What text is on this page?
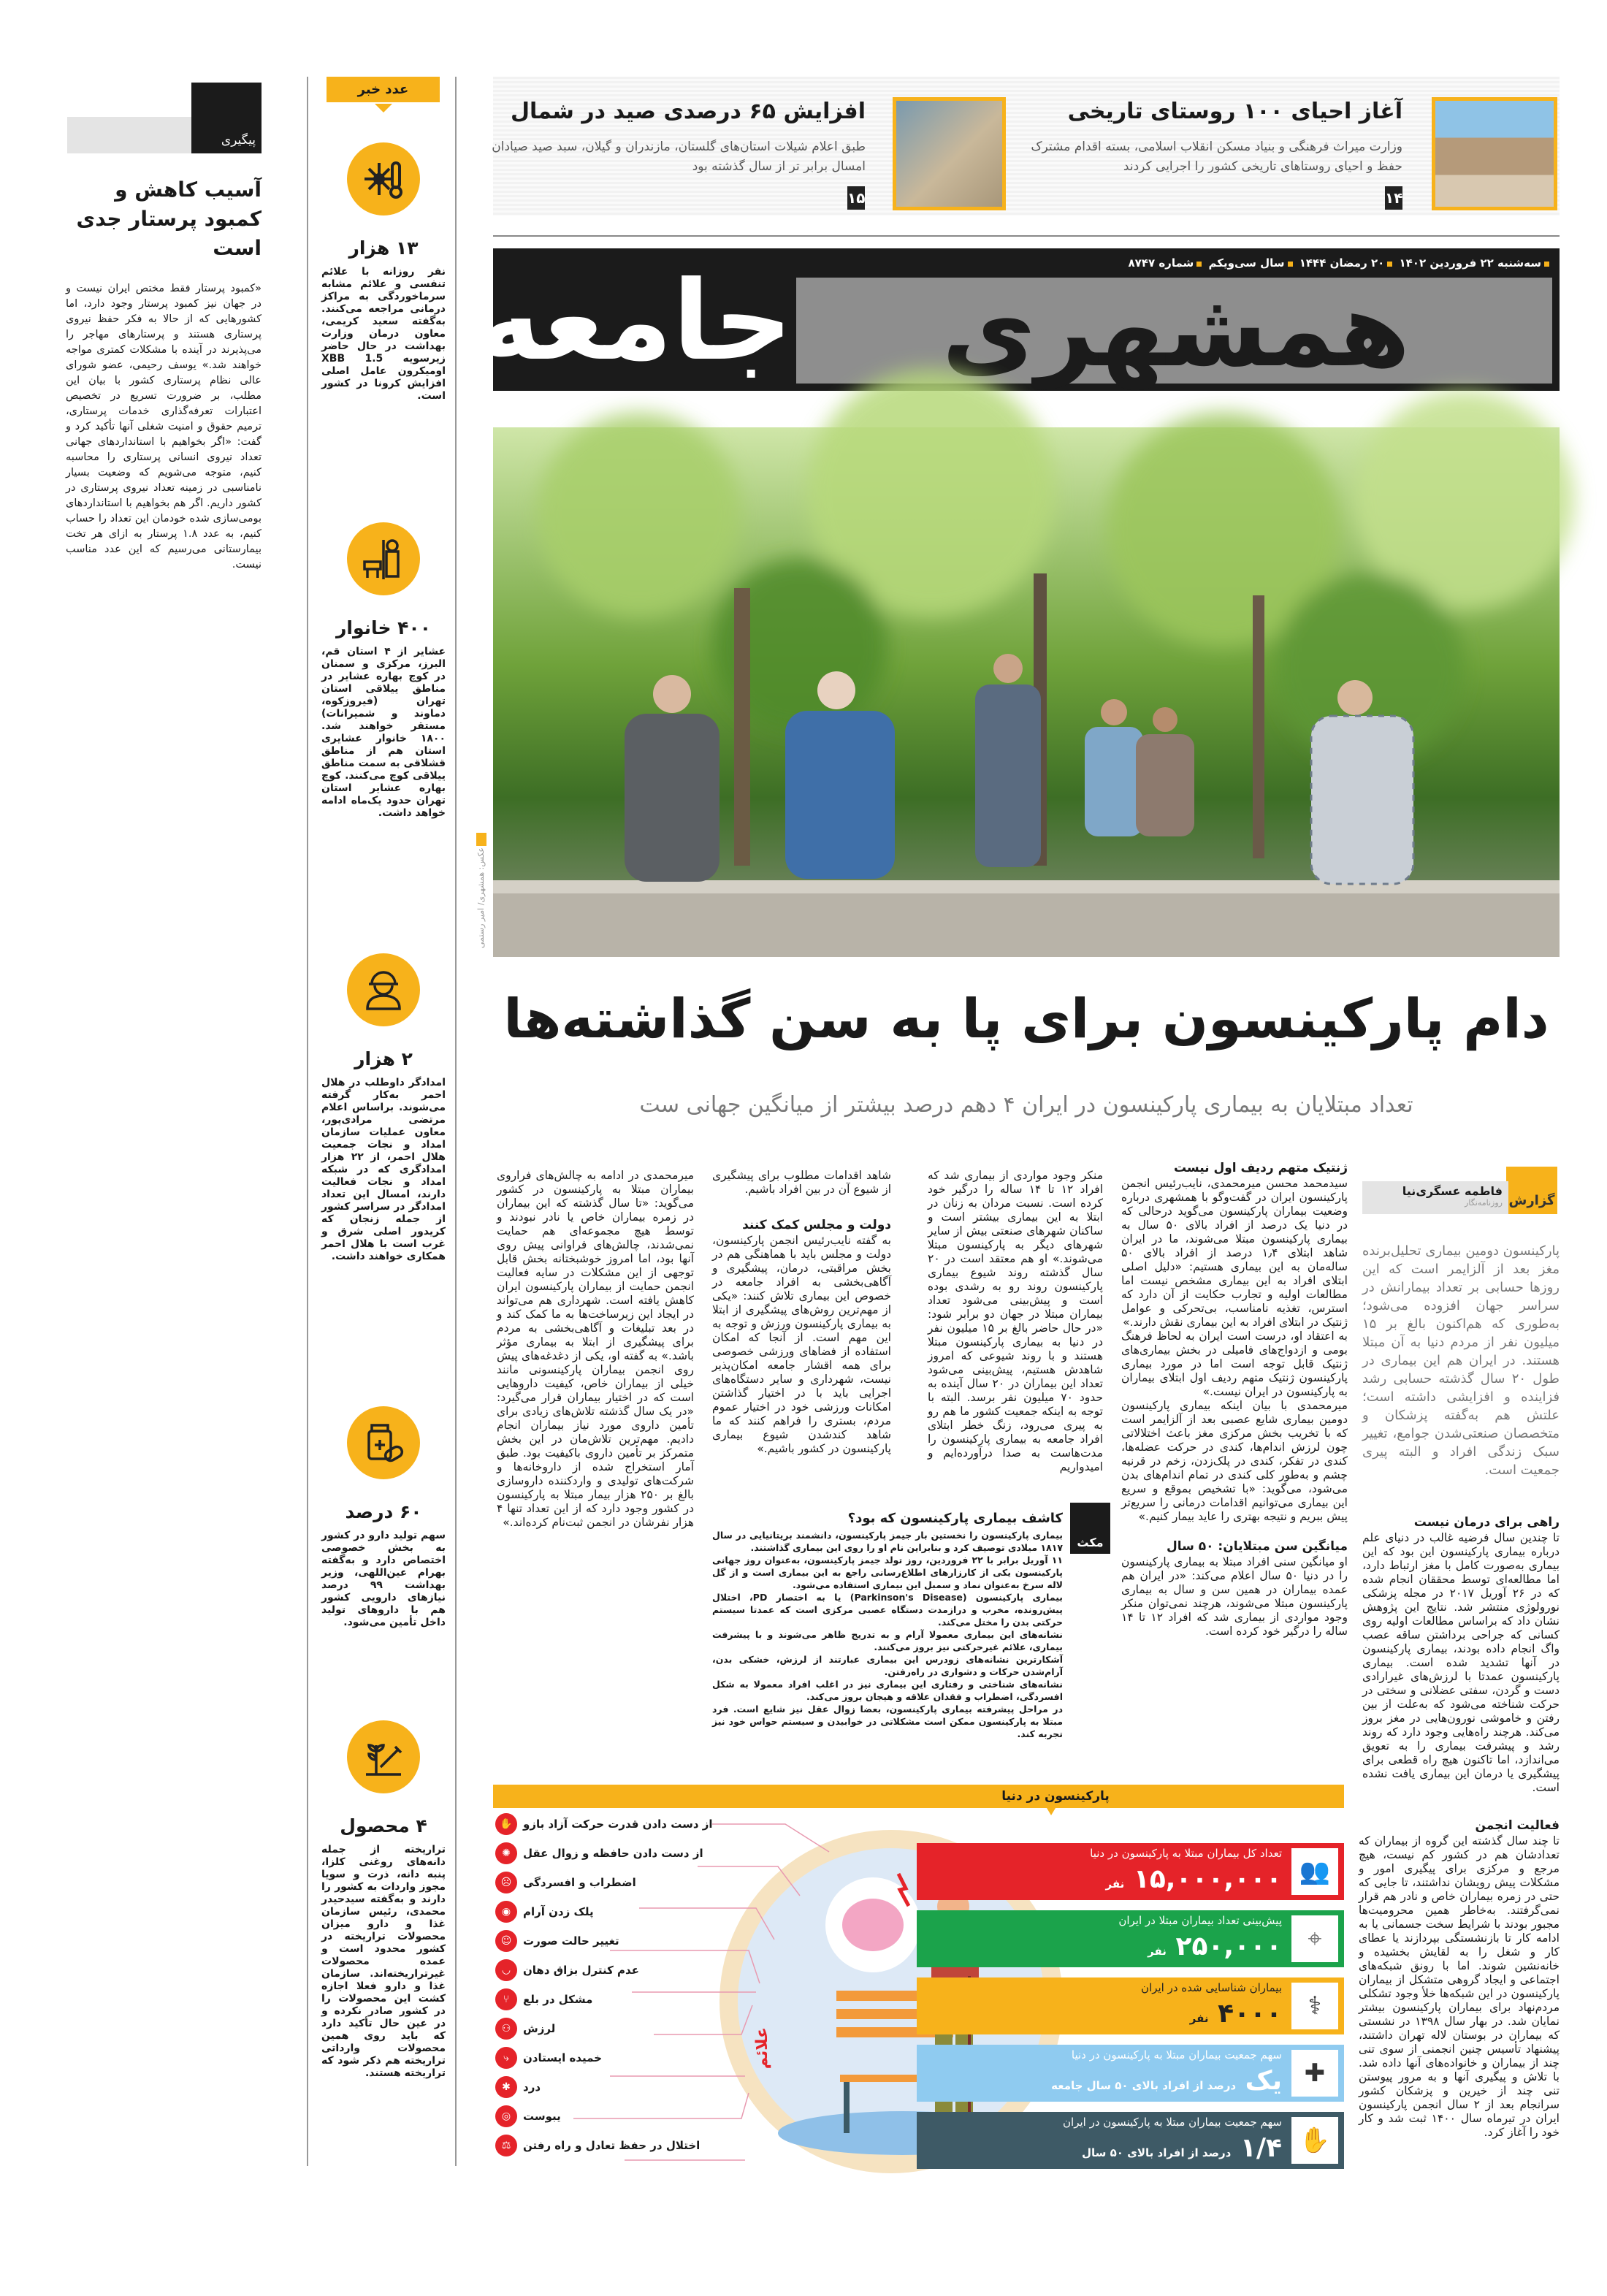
آغاز احیای ۱۰۰ روستای تاریخی
وزارت میراث فرهنگی و بنیاد مسکن انقلاب اسلامی، بسته اقدام مشترک حفظ و احیای روستاهای تاریخی کشور را اجرایی کردند
۱۴
افزایش ۶۵ درصدی صید در شمال
طبق اعلام شیلات استان‌های گلستان، مازندران و گیلان، سبد صید صیادان امسال برابر تر از سال گذشته بود
۱۵
همشهری
جامعه	سه‌شنبه ۲۲ فروردین ۱۴۰۲ ۲۰ رمضان ۱۴۴۴ سال سی‌ویکم شماره ۸۷۴۷
عکس: همشهری/ امیر رستمی
دام پارکینسون برای پا به سن گذاشته‌ها
تعداد مبتلایان به بیماری پارکینسون در ایران ۴ دهم درصد بیشتر از میانگین جهانی ست
گزارش
فاطمه عسگری‌نیا
روزنامه‌نگار

پارکینسون دومین بیماری تحلیل‌برنده مغز بعد از آلزایمر است که این روزها حسابی بر تعداد بیمارانش در سراسر جهان افزوده می‌شود؛ به‌طوری که هم‌اکنون بالغ بر ۱۵ میلیون نفر از مردم دنیا به آن مبتلا هستند. در ایران هم این بیماری در طول ۲۰ سال گذشته حسابی رشد فزاینده و افزایشی داشته است؛ علتش هم به‌گفته پزشکان و متخصصان صنعتی‌شدن جوامع، تغییر سبک زندگی افراد و البته پیری جمعیت است.

راهی برای درمان نیست

تا چندین سال فرضیه غالب در دنیای علم درباره بیماری پارکینسون این بود که این بیماری به‌صورت کامل با مغز ارتباط دارد، اما مطالعه‌ای توسط محققان انجام شده که در ۲۶ آوریل ۲۰۱۷ در مجله پزشکی نورولوژی منتشر شد. نتایج این پژوهش نشان داد که براساس مطالعات اولیه روی کسانی که جراحی برداشتن ساقه عصب واگ انجام داده بودند، بیماری پارکینسون در آنها تشدید شده است. بیماری پارکینسون عمدتا با لرزش‌های غیرارادی دست و گردن، سفتی عضلانی و سختی در حرکت شناخته می‌شود که به‌علت از بین رفتن و خاموشی نورون‌هایی در مغز بروز می‌کند. هرچند راه‌هایی وجود دارد که روند رشد و پیشرفت بیماری را به تعویق می‌اندازد، اما تاکنون هیچ راه قطعی برای پیشگیری یا درمان این بیماری یافت نشده است.

فعالیت انجمن

تا چند سال گذشته این گروه از بیماران که تعدادشان هم در کشور کم نیست، هیچ مرجع و مرکزی برای پیگیری امور و مشکلات پیش رویشان نداشتند، تا جایی که حتی در زمره بیماران خاص و نادر هم قرار نمی‌گرفتند. به‌خاطر همین محرومیت‌ها مجبور بودند با شرایط سخت جسمانی یا به ادامه کار تا بازنشستگی بپردازند یا عطای کار و شغل را به لقایش بخشیده و خانه‌نشین شوند. اما با رونق شبکه‌های اجتماعی و ایجاد گروهی متشکل از بیماران پارکینسون در این شبکه‌ها خلأ وجود تشکلی مردم‌نهاد برای بیماران پارکینسون بیشتر نمایان شد. در بهار سال ۱۳۹۸ در نشستی که بیماران در بوستان لاله تهران داشتند، پیشنهاد تأسیس چنین انجمنی از سوی تنی چند از بیماران و خانواده‌های آنها داده شد. با تلاش و پیگیری آنها و به مرور پیوستن تنی چند از خیرین و پزشکان کشور سرانجام بعد از ۲ سال انجمن پارکینسون ایران در تیرماه سال ۱۴۰۰ ثبت شد و کار خود را آغاز کرد.

ژنتیک متهم ردیف اول نیست

سیدمحمد محسن میرمحمدی، نایب‌رئیس انجمن پارکینسون ایران در گفت‌وگو با همشهری درباره وضعیت بیماران پارکینسون می‌گوید درحالی که در دنیا یک درصد از افراد بالای ۵۰ سال به بیماری پارکینسون مبتلا می‌شوند، ما در ایران شاهد ابتلای ۱٫۴ درصد از افراد بالای ۵۰ ساله‌مان به این بیماری هستیم: «دلیل اصلی ابتلای افراد به این بیماری مشخص نیست اما مطالعات اولیه و تجارب حکایت از آن دارد که استرس، تغذیه نامناسب، بی‌تحرکی و عوامل ژنتیک در ابتلای افراد به این بیماری نقش دارند.»

به اعتقاد او، درست است ایران به لحاظ فرهنگ بومی و ازدواج‌های فامیلی در بخش بیماری‌های ژنتیک قابل توجه است اما در مورد بیماری پارکینسون ژنتیک متهم ردیف اول ابتلای بیماران به پارکینسون در ایران نیست.»

میرمحمدی با بیان اینکه بیماری پارکینسون دومین بیماری شایع عصبی بعد از آلزایمر است که با تخریب بخش مرکزی مغز باعث اختلالاتی چون لرزش اندام‌ها، کندی در حرکت عضله‌ها، کندی در تفکر، کندی در پلک‌زدن، زخم در قرنیه چشم و به‌طور کلی کندی در تمام اندام‌های بدن می‌شود، می‌گوید: «با تشخیص بموقع و سریع این بیماری می‌توانیم اقدامات درمانی را سریع‌تر پیش ببریم و نتیجه بهتری را عاید بیمار کنیم.»

میانگین سن مبتلایان: ۵۰ سال

او میانگین سنی افراد مبتلا به بیماری پارکینسون را در دنیا ۵۰ سال اعلام می‌کند: «در ایران هم عمده بیماران در همین سن و سال به بیماری پارکینسون مبتلا می‌شوند، هرچند نمی‌توان منکر وجود مواردی از بیماری شد که افراد ۱۲ تا ۱۴ ساله را درگیر خود کرده است.

منکر وجود مواردی از بیماری شد که افراد ۱۲ تا ۱۴ ساله را درگیر خود کرده است. نسبت مردان به زنان در ابتلا به این بیماری بیشتر است و ساکنان شهرهای صنعتی بیش از سایر شهرهای دیگر به پارکینسون مبتلا می‌شوند.» او هم معتقد است در ۲۰ سال گذشته روند شیوع بیماری پارکینسون روند رو به رشدی بوده است و پیش‌بینی می‌شود تعداد بیماران مبتلا در جهان دو برابر شود: «در حال حاضر بالغ بر ۱۵ میلیون نفر در دنیا به بیماری پارکینسون مبتلا هستند و با روند شیوعی که امروز شاهدش هستیم، پیش‌بینی می‌شود تعداد این بیماران در ۲۰ سال آینده به حدود ۷۰ میلیون نفر برسد. البته با توجه به اینکه جمعیت کشور ما هم رو به پیری می‌رود، زنگ خطر ابتلای افراد جامعه به بیماری پارکینسون را مدت‌هاست به صدا درآورده‌ایم و امیدواریم

شاهد اقدامات مطلوب برای پیشگیری از شیوع آن در بین افراد باشیم.

دولت و مجلس کمک کنند

به گفته نایب‌رئیس انجمن پارکینسون، دولت و مجلس باید با هماهنگی هم در بخش مراقبتی، درمان، پیشگیری و آگاهی‌بخشی به افراد جامعه در خصوص این بیماری تلاش کنند: «یکی از مهم‌ترین روش‌های پیشگیری از ابتلا به بیماری پارکینسون ورزش و توجه به این مهم است. از آنجا که امکان استفاده از فضاهای ورزشی خصوصی برای همه اقشار جامعه امکان‌پذیر نیست، شهرداری و سایر دستگاه‌های اجرایی باید با در اختیار گذاشتن امکانات ورزشی خود در اختیار عموم مردم، بستری را فراهم کنند که ما شاهد کندشدن شیوع بیماری پارکینسون در کشور باشیم.»

میرمحمدی در ادامه به چالش‌های فراروی بیماران مبتلا به پارکینسون در کشور می‌گوید: «تا سال گذشته که این بیماران در زمره بیماران خاص یا نادر نبودند و توسط هیچ مجموعه‌ای هم حمایت نمی‌شدند، چالش‌های فراوانی پیش روی آنها بود، اما امروز خوشبختانه بخش قابل توجهی از این مشکلات در سایه فعالیت انجمن حمایت از بیماران پارکینسون ایران کاهش یافته است. شهرداری هم می‌تواند در ایجاد این زیرساخت‌ها به ما کمک کند و در بعد تبلیغات و آگاهی‌بخشی به مردم برای پیشگیری از ابتلا به بیماری مؤثر باشد.» به گفته او، یکی از دغدغه‌های پیش روی انجمن بیماران پارکینسونی مانند خیلی از بیماران خاص، کیفیت داروهایی است که در اختیار بیماران قرار می‌گیرد: «در یک سال گذشته تلاش‌های زیادی برای تأمین داروی مورد نیاز بیماران انجام دادیم. مهم‌ترین تلاش‌مان در این بخش متمرکز بر تأمین داروی باکیفیت بود. طبق آمار استخراج شده از داروخانه‌ها و شرکت‌های تولیدی و واردکننده داروسازی بالغ بر ۲۵۰ هزار بیمار مبتلا به پارکینسون در کشور وجود دارد که از این تعداد تنها ۴ هزار نفرشان در انجمن ثبت‌نام کرده‌اند.»

مکث
کاشف بیماری پارکینسون که بود؟

بیماری پارکینسون را نخستین بار جیمز پارکینسون، دانشمند بریتانیایی در سال ۱۸۱۷ میلادی توصیف کرد و بنابراین نام او را روی این بیماری گذاشتند.

۱۱ آوریل برابر با ۲۲ فروردین، روز تولد جیمز پارکینسون، به‌عنوان روز جهانی پارکینسون یکی از کارزارهای اطلاع‌رسانی راجع به این بیماری است و از گل لاله سرخ به‌عنوان نماد و سمبل این بیماری استفاده می‌شود.

بیماری پارکینسون (Parkinson's Disease) یا به اختصار PD، اختلال پیش‌رونده، مخرب و درازمدت دستگاه عصبی مرکزی است که عمدتا سیستم حرکتی بدن را مختل می‌کند.

نشانه‌های این بیماری معمولا آرام و به تدریج ظاهر می‌شوند و با پیشرفت بیماری، علائم غیرحرکتی نیز بروز می‌کنند.

آشکارترین نشانه‌های زودرس این بیماری عبارتند از لرزش، خشکی بدن، آرام‌شدن حرکات و دشواری در راه‌رفتن.

نشانه‌های شناختی و رفتاری این بیماری نیز در اغلب افراد معمولا به شکل افسردگی، اضطراب و فقدان علاقه و هیجان بروز می‌کند.

در مراحل پیشرفته بیماری پارکینسون، بعضا زوال عقل نیز شایع است. فرد مبتلا به پارکینسون ممکن است مشکلاتی در خوابیدن و سیستم حواس خود نیز تجربه کند.

پارکینسون در دنیا
علائم
✋ از دست دادن قدرت حرکت آزاد بازو
✺	از دست دادن حافظه و زوال عقل
☹	اضطراب و افسردگی
◉	پلک زدن آرام
☺	تغییر حالت صورت
◡	عدم کنترل بزاق دهان
⑂	مشکل در بلع
⚇	لرزش
⤷	خمیده ایستادن
✱	درد
◎	یبوست
⚖	اختلال در حفظ تعادل و راه رفتن
👥
تعداد کل بیماران مبتلا به پارکینسون در دنیا
۱۵,۰۰۰,۰۰۰ نفر
⌖
پیش‌بینی تعداد بیماران مبتلا در ایران
۲۵۰,۰۰۰ نفر
⚕
بیماران شناسایی شده در ایران
۴۰۰۰ نفر
✚
سهم جمعیت بیماران مبتلا به پارکینسون در دنیا
یک درصد از افراد بالای ۵۰ سال جامعه
✋
سهم جمعیت بیماران مبتلا به پارکینسون در ایران
۱/۴ درصد از افراد بالای ۵۰ سال
عدد خبر
۱۳ هزار
نفر روزانه با علائم تنفسی و علائم مشابه سرماخوردگی به مراکز درمانی مراجعه می‌کنند. به‌گفته سعید کریمی، معاون درمان وزارت بهداشت در حال حاضر زیرسویه XBB 1.5 اومیکرون عامل اصلی افزایش کرونا در کشور است.
۴۰۰ خانوار
عشایر از ۴ استان قم، البرز، مرکزی و سمنان در کوچ بهاره عشایر در مناطق ییلاقی استان تهران (فیروزکوه، دماوند و شمیرانات) مستقر خواهند شد. ۱۸۰۰ خانوار عشایری استان هم از مناطق قشلاقی به سمت مناطق ییلاقی کوچ می‌کنند. کوچ بهاره عشایر استان تهران حدود یک‌ماه ادامه خواهد داشت.
۲ هزار
امدادگر داوطلب در هلال احمر به‌کار گرفته می‌شوند. براساس اعلام مرتضی مرادی‌پور، معاون عملیات سازمان امداد و نجات جمعیت هلال احمر، از ۲۲ هزار امدادگری که در شبکه امداد و نجات فعالیت دارند، امسال این تعداد امدادگر در سراسر کشور از جمله زنجان که کریدور اصلی شرق و غرب است با هلال احمر همکاری خواهند داشت.
۶۰ درصد
سهم تولید دارو در کشور به بخش خصوصی اختصاص دارد و به‌گفته بهرام عین‌اللهی، وزیر بهداشت ۹۹ درصد نیازهای دارویی کشور هم با داروهای تولید داخل تأمین می‌شود.
۴ محصول
تراریخته از جمله دانه‌های روغنی کلزا، پنبه دانه، ذرت و سویا مجوز واردات به کشور را دارند و به‌گفته سیدحیدر محمدی، رئیس سازمان غذا و دارو میزان محصولات تراریخته در کشور محدود است و عمده محصولات غیرتراریخته‌اند. سازمان غذا و دارو فعلا اجازه کشت این محصولات را در کشور صادر نکرده و در عین حال تأکید دارد که باید روی همین محصولات وارداتی تراریخته هم ذکر شود که تراریخته هستند.
پیگیری
آسیب کاهش و کمبود پرستار جدی است
«کمبود پرستار فقط مختص ایران نیست و در جهان نیز کمبود پرستار وجود دارد، اما کشورهایی که از حالا به فکر حفظ نیروی پرستاری هستند و پرستارهای مهاجر را می‌پذیرند در آینده با مشکلات کمتری مواجه خواهند شد.» یوسف رحیمی، عضو شورای عالی نظام پرستاری کشور با بیان این مطلب، بر ضرورت تسریع در تخصیص اعتبارات تعرفه‌گذاری خدمات پرستاری، ترمیم حقوق و امنیت شغلی آنها تأکید کرد و گفت: «اگر بخواهیم با استانداردهای جهانی تعداد نیروی انسانی پرستاری را محاسبه کنیم، متوجه می‌شویم که وضعیت بسیار نامناسبی در زمینه تعداد نیروی پرستاری در کشور داریم. اگر هم بخواهیم با استانداردهای بومی‌سازی شده خودمان این تعداد را حساب کنیم، به عدد ۱.۸ پرستار به ازای هر تخت بیمارستانی می‌رسیم که این عدد مناسب نیست.
